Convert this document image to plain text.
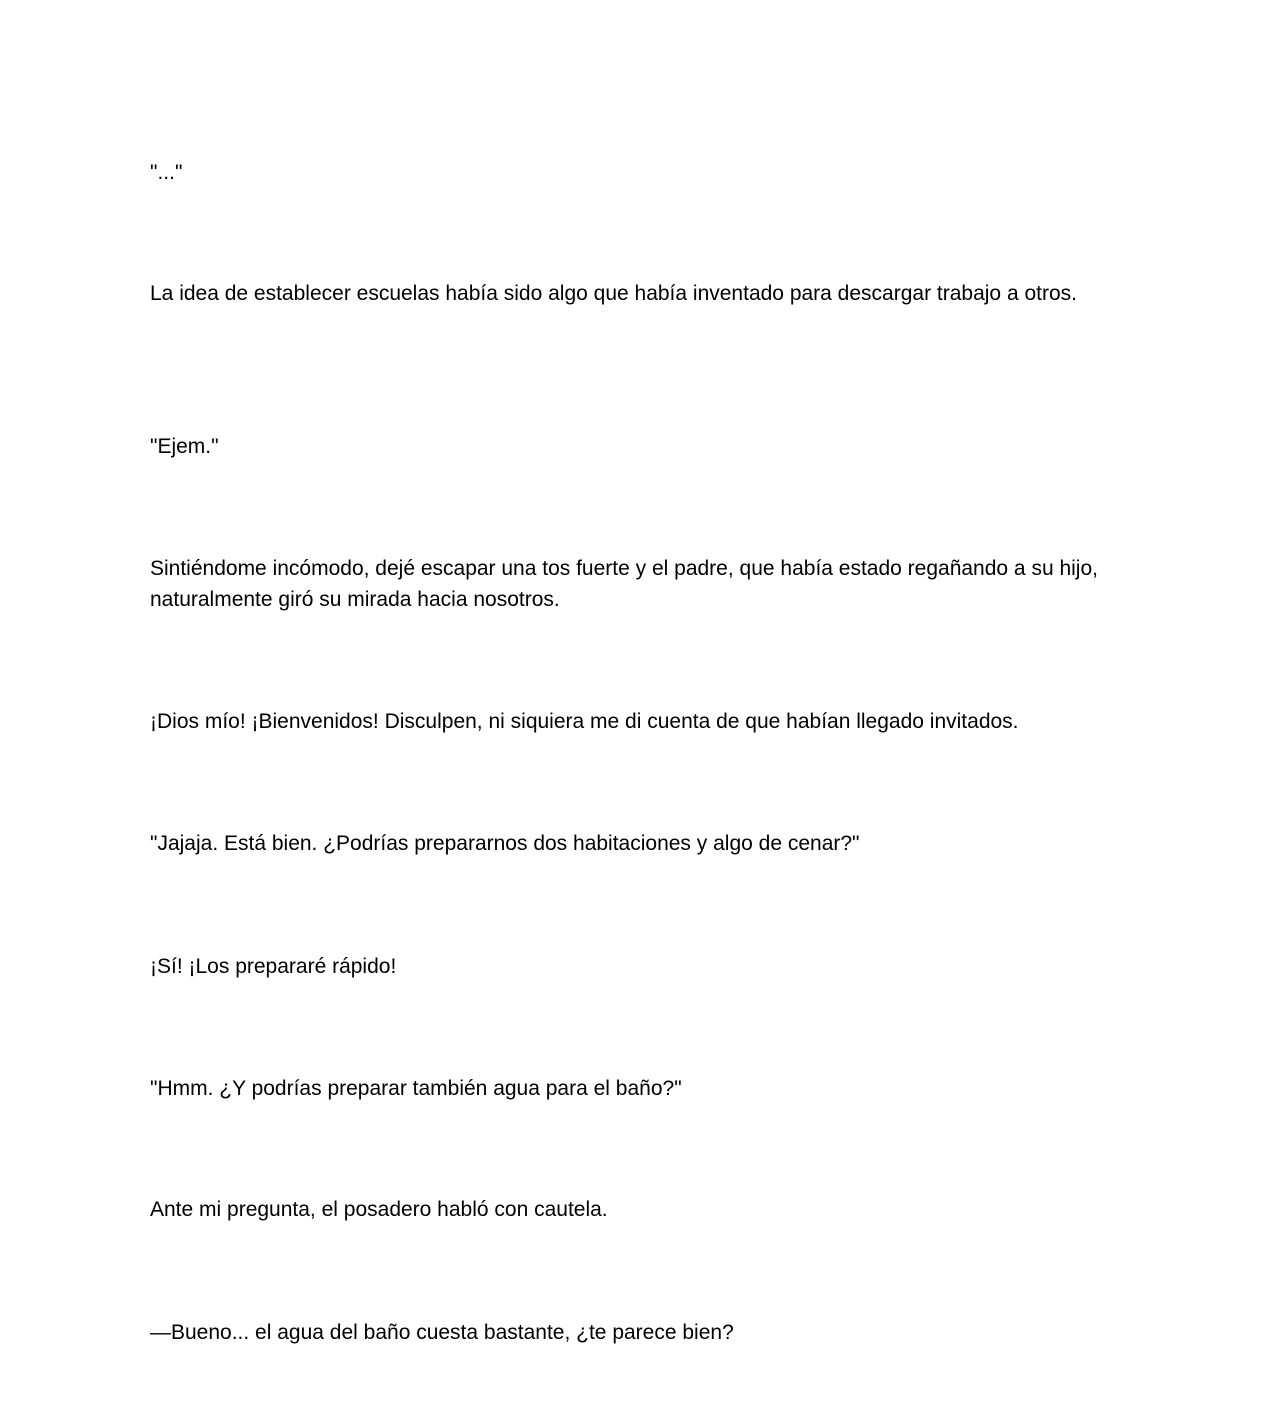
"..."

La idea de establecer escuelas había sido algo que había inventado para descargar trabajo a otros.

"Ejem."

Sintiéndome incómodo, dejé escapar una tos fuerte y el padre, que había estado regañando a su hijo, naturalmente giró su mirada hacia nosotros.

¡Dios mío! ¡Bienvenidos! Disculpen, ni siquiera me di cuenta de que habían llegado invitados.

"Jajaja. Está bien. ¿Podrías prepararnos dos habitaciones y algo de cenar?"

¡Sí! ¡Los prepararé rápido!

"Hmm. ¿Y podrías preparar también agua para el baño?"

Ante mi pregunta, el posadero habló con cautela.

—Bueno... el agua del baño cuesta bastante, ¿te parece bien?
